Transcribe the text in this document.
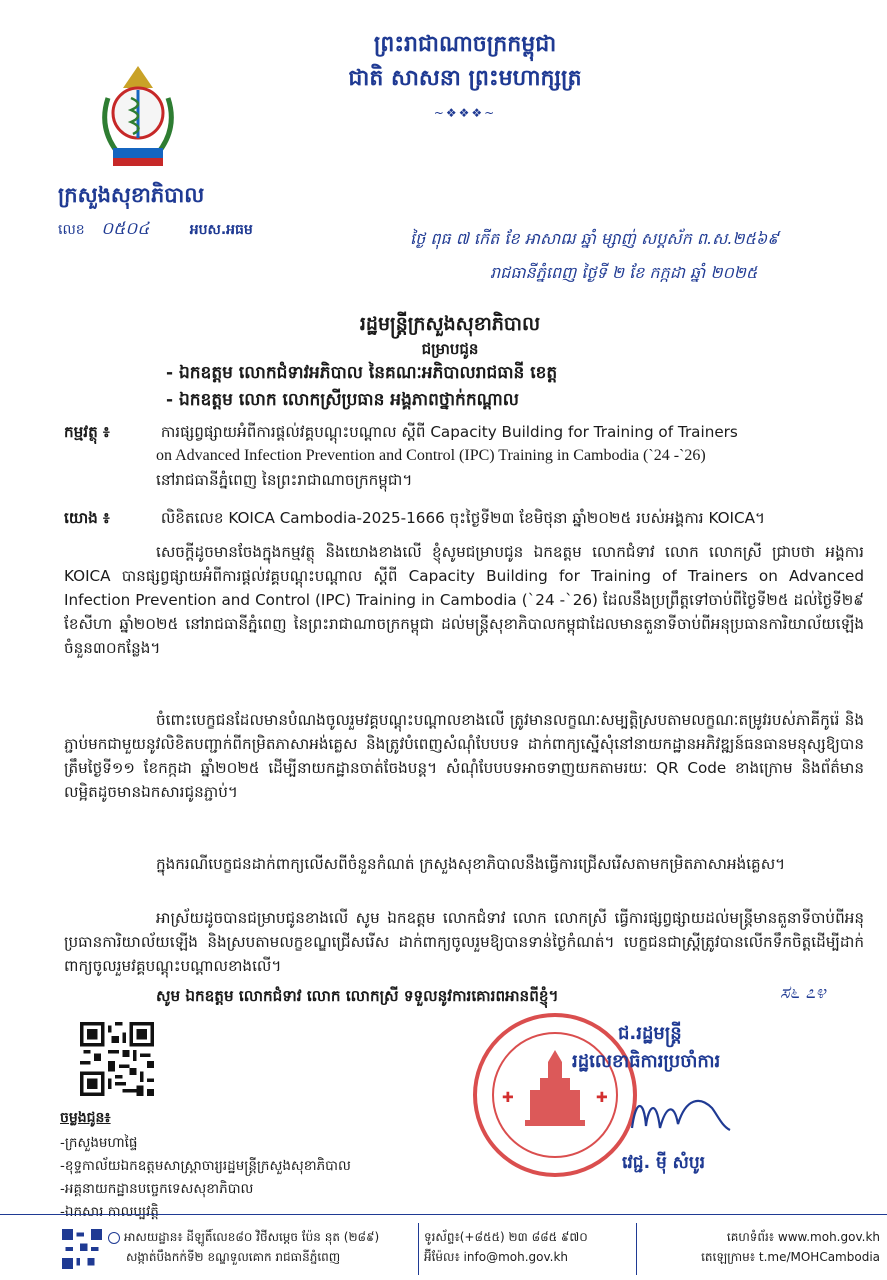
ព្រះរាជាណាចក្រកម្ពុជា
ជាតិ សាសនា ព្រះមហាក្សត្រ
~❖❖❖~
ក្រសួងសុខាភិបាល
លេខ ០៥០៤	អបស.អធម	ថ្ងៃ ពុធ ៧ កើត ខែ អាសាឍ ឆ្នាំ ម្សាញ់ សប្តស័ក ព.ស.២៥៦៩
រាជធានីភ្នំពេញ ថ្ងៃទី ២ ខែ កក្កដា ឆ្នាំ ២០២៥
រដ្ឋមន្ត្រីក្រសួងសុខាភិបាល
ជម្រាបជូន
- ឯកឧត្តម លោកជំទាវអភិបាល នៃគណៈអភិបាលរាជធានី ខេត្ត
- ឯកឧត្តម លោក លោកស្រីប្រធាន អង្គភាពថ្នាក់កណ្តាល
កម្មវត្ថុ ៖	ការផ្សព្វផ្សាយអំពីការផ្តល់វគ្គបណ្តុះបណ្តាល ស្តីពី Capacity Building for Training of Trainers
on Advanced Infection Prevention and Control (IPC) Training in Cambodia (`24 -`26)
នៅរាជធានីភ្នំពេញ នៃព្រះរាជាណាចក្រកម្ពុជា។
យោង ៖	លិខិតលេខ KOICA Cambodia-2025-1666 ចុះថ្ងៃទី២៣ ខែមិថុនា ឆ្នាំ២០២៥ របស់អង្គការ KOICA។
សេចក្តីដូចមានចែងក្នុងកម្មវត្ថុ និងយោងខាងលើ ខ្ញុំសូមជម្រាបជូន ឯកឧត្តម លោកជំទាវ លោក លោកស្រី ជ្រាបថា អង្គការ KOICA បានផ្សព្វផ្សាយអំពីការផ្តល់វគ្គបណ្តុះបណ្តាល ស្តីពី Capacity Building for Training of Trainers on Advanced Infection Prevention and Control (IPC) Training in Cambodia (`24 -`26) ដែលនឹងប្រព្រឹត្តទៅចាប់ពីថ្ងៃទី២៥ ដល់ថ្ងៃទី២៩ ខែសីហា ឆ្នាំ២០២៥ នៅរាជធានីភ្នំពេញ នៃព្រះរាជាណាចក្រកម្ពុជា ដល់មន្ត្រីសុខាភិបាលកម្ពុជាដែលមានតួនាទីចាប់ពីអនុប្រធានការិយាល័យឡើង ចំនួន៣០កន្លែង។
ចំពោះបេក្ខជនដែលមានបំណងចូលរួមវគ្គបណ្តុះបណ្តាលខាងលើ ត្រូវមានលក្ខណៈសម្បត្តិស្របតាមលក្ខណៈតម្រូវរបស់ភាគីកូរ៉េ និងភ្ជាប់មកជាមួយនូវលិខិតបញ្ជាក់ពីកម្រិតភាសាអង់គ្លេស និងត្រូវបំពេញសំណុំបែបបទ ដាក់ពាក្យស្នើសុំនៅនាយកដ្ឋានអភិវឌ្ឍន៍ធនធានមនុស្សឱ្យបានត្រឹមថ្ងៃទី១១ ខែកក្កដា ឆ្នាំ២០២៥ ដើម្បីនាយកដ្ឋានចាត់ចែងបន្ត។ សំណុំបែបបទអាចទាញយកតាមរយៈ QR Code ខាងក្រោម និងព័ត៌មានលម្អិតដូចមានឯកសារជូនភ្ជាប់។
ក្នុងករណីបេក្ខជនដាក់ពាក្យលើសពីចំនួនកំណត់ ក្រសួងសុខាភិបាលនឹងធ្វើការជ្រើសរើសតាមកម្រិតភាសាអង់គ្លេស។
អាស្រ័យដូចបានជម្រាបជូនខាងលើ សូម ឯកឧត្តម លោកជំទាវ លោក លោកស្រី ធ្វើការផ្សព្វផ្សាយដល់មន្ត្រីមានតួនាទីចាប់ពីអនុប្រធានការិយាល័យឡើង និងស្របតាមលក្ខខណ្ឌជ្រើសរើស ដាក់ពាក្យចូលរួមឱ្យបានទាន់ថ្ងៃកំណត់។ បេក្ខជនជាស្ត្រីត្រូវបានលើកទឹកចិត្តដើម្បីដាក់ពាក្យចូលរួមវគ្គបណ្តុះបណ្តាលខាងលើ។
សូម ឯកឧត្តម លោកជំទាវ លោក លោកស្រី ទទួលនូវការគោរពអានពីខ្ញុំ។	ಸ೬ ೭೪
ចម្លងជូន៖
-ក្រសួងមហាផ្ទៃ
-ខុទ្ទកាល័យឯកឧត្តមសាស្ត្រាចារ្យរដ្ឋមន្ត្រីក្រសួងសុខាភិបាល
-អគ្គនាយកដ្ឋានបច្ចេកទេសសុខាភិបាល
-ឯកសារ កាលប្បវត្តិ
✚	✚
ជ.រដ្ឋមន្ត្រី
រដ្ឋលេខាធិការប្រចាំការ
វេជ្ជ. ម៉ី សំបូរ
អាសយដ្ឋាន៖ ដីឡូតិ៍លេខ៨០ វិថីសម្តេច ប៉ែន នុត (២៨៩)
សង្កាត់បឹងកក់ទី២ ខណ្ឌទួលគោក រាជធានីភ្នំពេញ
ទូរស័ព្ទ៖(+៨៥៥) ២៣ ៨៨៥ ៩៧០
អ៊ីម៉ែល៖ info@moh.gov.kh
គេហទំព័រ៖ www.moh.gov.kh
តេឡេក្រាម៖ t.me/MOHCambodia
